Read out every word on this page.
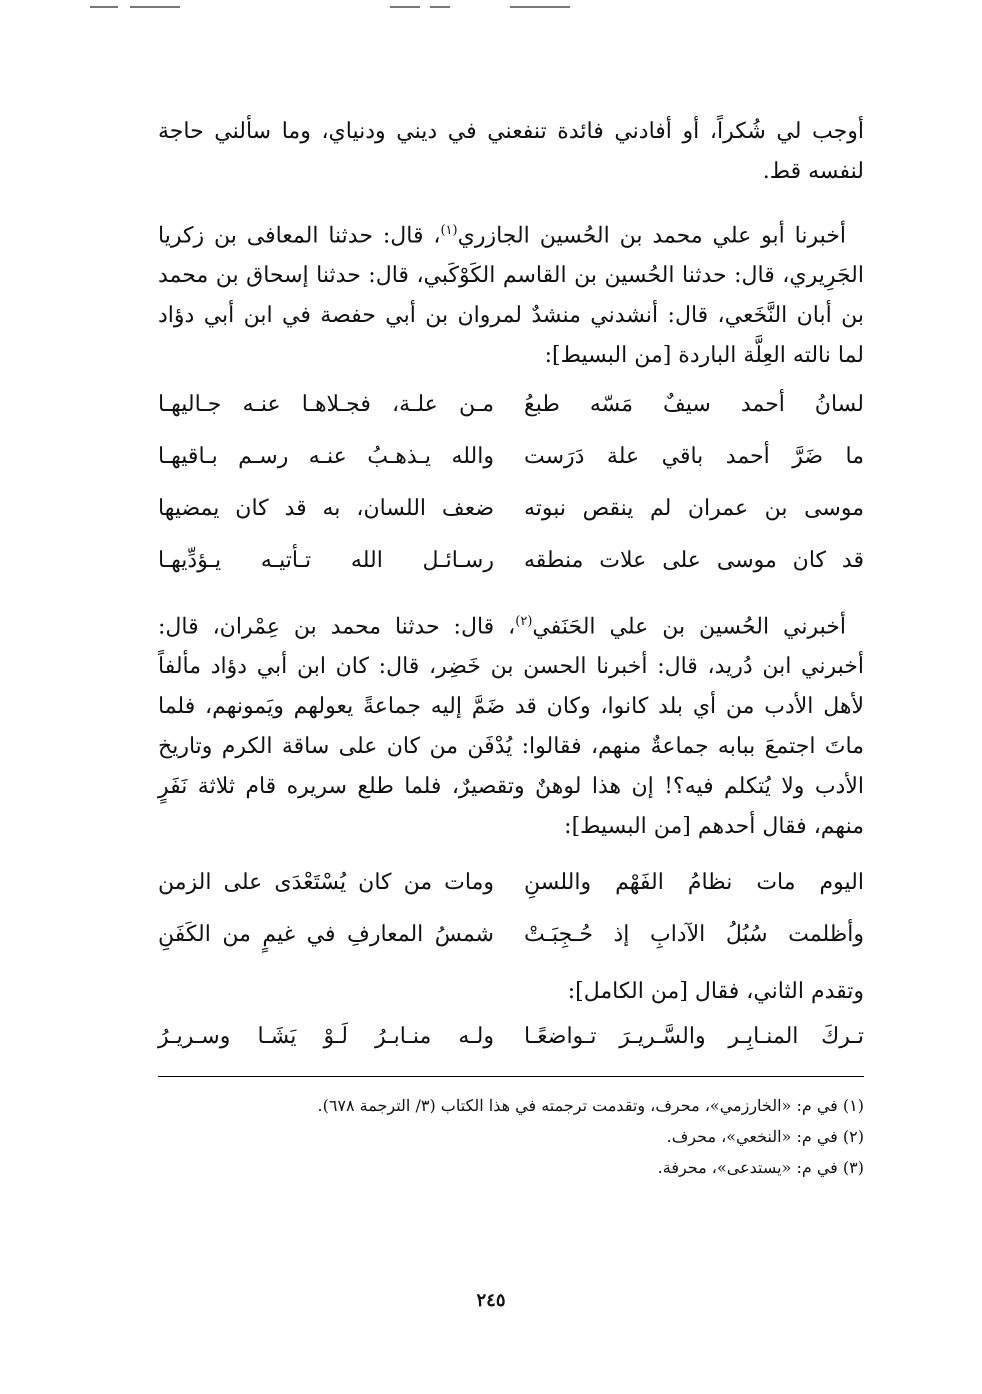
أوجب لي شُكراً، أو أفادني فائدة تنفعني في ديني ودنياي، وما سألني حاجة لنفسه قط.

أخبرنا أبو علي محمد بن الحُسين الجازري$^{(١)}$، قال: حدثنا المعافى بن زكريا الجَرِيري، قال: حدثنا الحُسين بن القاسم الكَوْكَبي، قال: حدثنا إسحاق بن محمد بن أبان النَّخَعي، قال: أنشدني منشدٌ لمروان بن أبي حفصة في ابن أبي دؤاد لما نالته العِلَّة الباردة [من البسيط]:

لسانُ أحمد سيفٌ مَسّه طبعُ
مـن علـة، فجـلاهـا عنـه جـاليهـا
ما ضَرَّ أحمد باقي علة دَرَست
والله يـذهـبُ عنـه رسـم بـاقيهـا
موسى بن عمران لم ينقص نبوته
ضعف اللسان، به قد كان يمضيها
قد كان موسى على علات منطقه
رسـائـل الله تـأتيـه يـؤدِّيهـا

أخبرني الحُسين بن علي الحَنَفي$^{(٢)}$، قال: حدثنا محمد بن عِمْران، قال: أخبرني ابن دُريد، قال: أخبرنا الحسن بن خَضِر، قال: كان ابن أبي دؤاد مألفاً لأهل الأدب من أي بلد كانوا، وكان قد ضَمَّ إليه جماعةً يعولهم ويَمونهم، فلما ماتَ اجتمعَ ببابه جماعةٌ منهم، فقالوا: يُدْفَن من كان على ساقة الكرم وتاريخ الأدب ولا يُتكلم فيه؟! إن هذا لوهنٌ وتقصيرٌ، فلما طلع سريره قام ثلاثة نَفَرٍ منهم، فقال أحدهم [من البسيط]:

اليوم مات نظامُ الفَهْم واللسنِ
ومات من كان يُسْتَعْدَى على الزمن
وأظلمت سُبُلُ الآدابِ إذ حُـجِبَـتْ
شمسُ المعارفِ في غيمٍ من الكَفَنِ

وتقدم الثاني، فقال [من الكامل]:

تـركَ المنـابِـر والسَّـريـرَ تـواضعًـا
ولـه منـابـرُ لَـوْ يَشَـا وسـريـرُ
(١) في م: «الخارزمي»، محرف، وتقدمت ترجمته في هذا الكتاب (٣/ الترجمة ٦٧٨).
(٢) في م: «النخعي»، محرف.
(٣) في م: «يستدعى»، محرفة.
٢٤٥
